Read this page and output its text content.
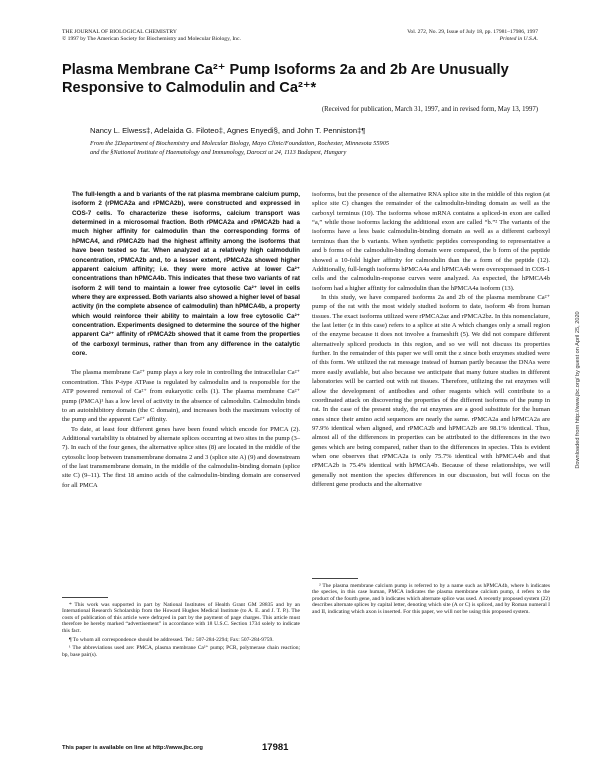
THE JOURNAL OF BIOLOGICAL CHEMISTRY
© 1997 by The American Society for Biochemistry and Molecular Biology, Inc.
Vol. 272, No. 29, Issue of July 18, pp. 17981–17986, 1997
Printed in U.S.A.
Plasma Membrane Ca²⁺ Pump Isoforms 2a and 2b Are Unusually
Responsive to Calmodulin and Ca²⁺*
(Received for publication, March 31, 1997, and in revised form, May 13, 1997)
Nancy L. Elwess‡, Adelaida G. Filoteo‡, Agnes Enyedi§, and John T. Penniston‡¶
From the ‡Department of Biochemistry and Molecular Biology, Mayo Clinic/Foundation, Rochester, Minnesota 55905
and the §National Institute of Haematology and Immunology, Daroczi ut 24, 1113 Budapest, Hungary

The full-length a and b variants of the rat plasma membrane calcium pump, isoform 2 (rPMCA2a and rPMCA2b), were constructed and expressed in COS-7 cells. To characterize these isoforms, calcium transport was determined in a microsomal fraction. Both rPMCA2a and rPMCA2b had a much higher affinity for calmodulin than the corresponding forms of hPMCA4, and rPMCA2b had the highest affinity among the isoforms that have been tested so far. When analyzed at a relatively high calmodulin concentration, rPMCA2b and, to a lesser extent, rPMCA2a showed higher apparent calcium affinity; i.e. they were more active at lower Ca²⁺ concentrations than hPMCA4b. This indicates that these two variants of rat isoform 2 will tend to maintain a lower free cytosolic Ca²⁺ level in cells where they are expressed. Both variants also showed a higher level of basal activity (in the complete absence of calmodulin) than hPMCA4b, a property which would reinforce their ability to maintain a low free cytosolic Ca²⁺ concentration. Experiments designed to determine the source of the higher apparent Ca²⁺ affinity of rPMCA2b showed that it came from the properties of the carboxyl terminus, rather than from any difference in the catalytic core.

The plasma membrane Ca²⁺ pump plays a key role in controlling the intracellular Ca²⁺ concentration. This P-type ATPase is regulated by calmodulin and is responsible for the ATP powered removal of Ca²⁺ from eukaryotic cells (1). The plasma membrane Ca²⁺ pump (PMCA)¹ has a low level of activity in the absence of calmodulin. Calmodulin binds to an autoinhibitory domain (the C domain), and increases both the maximum velocity of the pump and the apparent Ca²⁺ affinity.

To date, at least four different genes have been found which encode for PMCA (2). Additional variability is obtained by alternate splices occurring at two sites in the pump (3–7). In each of the four genes, the alternative splice sites (8) are located in the middle of the cytosolic loop between transmembrane domains 2 and 3 (splice site A) (9) and downstream of the last transmembrane domain, in the middle of the calmodulin-binding domain (splice site C) (9–11). The first 18 amino acids of the calmodulin-binding domain are conserved for all PMCA

isoforms, but the presence of the alternative RNA splice site in the middle of this region (at splice site C) changes the remainder of the calmodulin-binding domain as well as the carboxyl terminus (10). The isoforms whose mRNA contains a spliced-in exon are called “a,” while those isoforms lacking the additional exon are called “b.”² The variants of the isoforms have a less basic calmodulin-binding domain as well as a different carboxyl terminus than the b variants. When synthetic peptides corresponding to representative a and b forms of the calmodulin-binding domain were compared, the b form of the peptide showed a 10-fold higher affinity for calmodulin than the a form of the peptide (12). Additionally, full-length isoforms hPMCA4a and hPMCA4b were overexpressed in COS-1 cells and the calmodulin-response curves were analyzed. As expected, the hPMCA4b isoform had a higher affinity for calmodulin than the hPMCA4a isoform (13).

In this study, we have compared isoforms 2a and 2b of the plasma membrane Ca²⁺ pump of the rat with the most widely studied isoform to date, isoform 4b from human tissues. The exact isoforms utilized were rPMCA2az and rPMCA2bz. In this nomenclature, the last letter (z in this case) refers to a splice at site A which changes only a small region of the enzyme because it does not involve a frameshift (5). We did not compare different alternatively spliced products in this region, and so we will not discuss its properties further. In the remainder of this paper we will omit the z since both enzymes studied were of this form. We utilized the rat message instead of human partly because the DNAs were more easily available, but also because we anticipate that many future studies in different laboratories will be carried out with rat tissues. Therefore, utilizing the rat enzymes will allow the development of antibodies and other reagents which will contribute to a coordinated attack on discovering the properties of the different isoforms of the pump in rat. In the case of the present study, the rat enzymes are a good substitute for the human ones since their amino acid sequences are nearly the same. rPMCA2a and hPMCA2a are 97.9% identical when aligned, and rPMCA2b and hPMCA2b are 98.1% identical. Thus, almost all of the differences in properties can be attributed to the differences in the two genes which are being compared, rather than to the differences in species. This is evident when one observes that rPMCA2a is only 75.7% identical with hPMCA4b and that rPMCA2b is 75.4% identical with hPMCA4b. Because of these relationships, we will generally not mention the species differences in our discussion, but will focus on the different gene products and the alternative

* This work was supported in part by National Institutes of Health Grant GM 28835 and by an International Research Scholarship from the Howard Hughes Medical Institute (to A. E. and J. T. P.). The costs of publication of this article were defrayed in part by the payment of page charges. This article must therefore be hereby marked “advertisement” in accordance with 18 U.S.C. Section 1734 solely to indicate this fact.

¶ To whom all correspondence should be addressed. Tel.: 507-284-2294; Fax: 507-284-9759.

¹ The abbreviations used are: PMCA, plasma membrane Ca²⁺ pump; PCR, polymerase chain reaction; bp, base pair(s).

² The plasma membrane calcium pump is referred to by a name such as hPMCA4b, where h indicates the species, in this case human, PMCA indicates the plasma membrane calcium pump, 4 refers to the product of the fourth gene, and b indicates which alternate splice was used. A recently proposed system (22) describes alternate splices by capital letter, denoting which site (A or C) is spliced, and by Roman numeral I and II, indicating which axon is inserted. For this paper, we will not be using this proposed system.

This paper is available on line at http://www.jbc.org	17981
Downloaded from http://www.jbc.org/ by guest on April 25, 2020
